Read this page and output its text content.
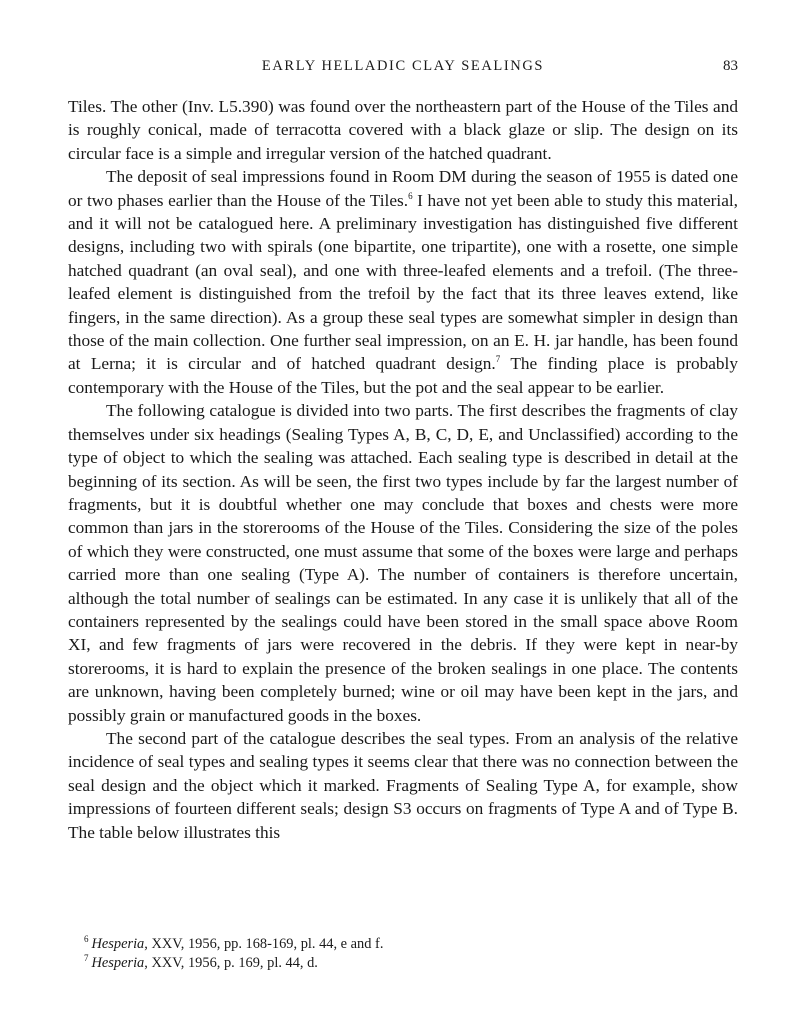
EARLY HELLADIC CLAY SEALINGS	83

Tiles. The other (Inv. L5.390) was found over the northeastern part of the House of the Tiles and is roughly conical, made of terracotta covered with a black glaze or slip. The design on its circular face is a simple and irregular version of the hatched quadrant.

The deposit of seal impressions found in Room DM during the season of 1955 is dated one or two phases earlier than the House of the Tiles.$^6$ I have not yet been able to study this material, and it will not be catalogued here. A preliminary investigation has distinguished five different designs, including two with spirals (one bipartite, one tripartite), one with a rosette, one simple hatched quadrant (an oval seal), and one with three-leafed elements and a trefoil. (The three-leafed element is distinguished from the trefoil by the fact that its three leaves extend, like fingers, in the same direction). As a group these seal types are somewhat simpler in design than those of the main collection. One further seal impression, on an E. H. jar handle, has been found at Lerna; it is circular and of hatched quadrant design.$^7$ The finding place is probably contemporary with the House of the Tiles, but the pot and the seal appear to be earlier.

The following catalogue is divided into two parts. The first describes the fragments of clay themselves under six headings (Sealing Types A, B, C, D, E, and Unclassified) according to the type of object to which the sealing was attached. Each sealing type is described in detail at the beginning of its section. As will be seen, the first two types include by far the largest number of fragments, but it is doubtful whether one may conclude that boxes and chests were more common than jars in the storerooms of the House of the Tiles. Considering the size of the poles of which they were constructed, one must assume that some of the boxes were large and perhaps carried more than one sealing (Type A). The number of containers is therefore uncertain, although the total number of sealings can be estimated. In any case it is unlikely that all of the containers represented by the sealings could have been stored in the small space above Room XI, and few fragments of jars were recovered in the debris. If they were kept in near-by storerooms, it is hard to explain the presence of the broken sealings in one place. The contents are unknown, having been completely burned; wine or oil may have been kept in the jars, and possibly grain or manufactured goods in the boxes.

The second part of the catalogue describes the seal types. From an analysis of the relative incidence of seal types and sealing types it seems clear that there was no connection between the seal design and the object which it marked. Fragments of Sealing Type A, for example, show impressions of fourteen different seals; design S3 occurs on fragments of Type A and of Type B. The table below illustrates this

$^6$ Hesperia, XXV, 1956, pp. 168-169, pl. 44, e and f.
$^7$ Hesperia, XXV, 1956, p. 169, pl. 44, d.
